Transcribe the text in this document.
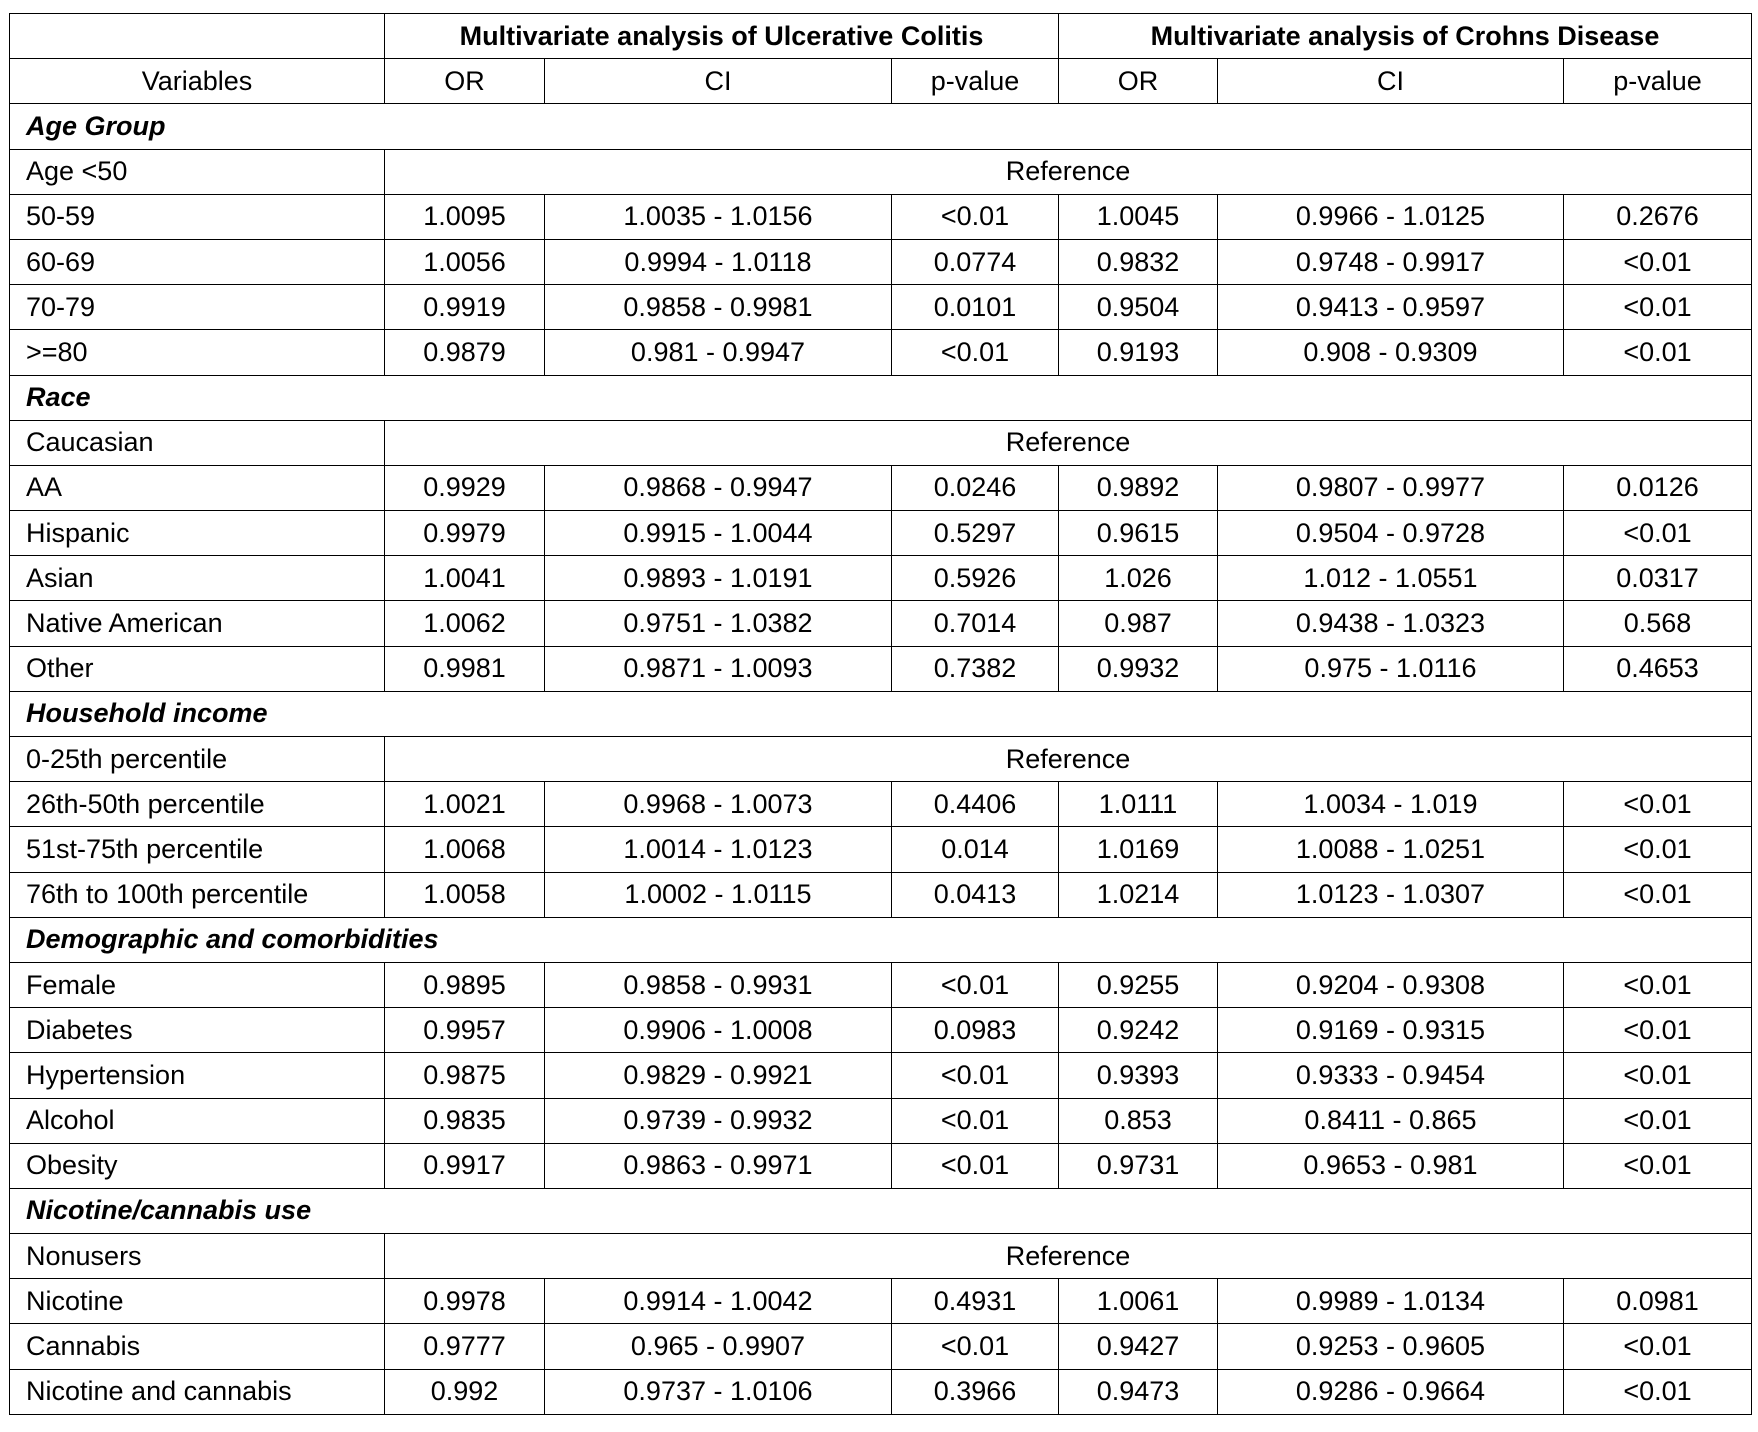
	Multivariate analysis of Ulcerative Colitis			Multivariate analysis of Crohns Disease		
Variables	OR	CI	p-value	OR	CI	p-value
Age Group						
Age <50	Reference					
50-59	1.0095	1.0035 - 1.0156	<0.01	1.0045	0.9966 - 1.0125	0.2676
60-69	1.0056	0.9994 - 1.0118	0.0774	0.9832	0.9748 - 0.9917	<0.01
70-79	0.9919	0.9858 - 0.9981	0.0101	0.9504	0.9413 - 0.9597	<0.01
>=80	0.9879	0.981 - 0.9947	<0.01	0.9193	0.908 - 0.9309	<0.01
Race						
Caucasian	Reference					
AA	0.9929	0.9868 - 0.9947	0.0246	0.9892	0.9807 - 0.9977	0.0126
Hispanic	0.9979	0.9915 - 1.0044	0.5297	0.9615	0.9504 - 0.9728	<0.01
Asian	1.0041	0.9893 - 1.0191	0.5926	1.026	1.012 - 1.0551	0.0317
Native American	1.0062	0.9751 - 1.0382	0.7014	0.987	0.9438 - 1.0323	0.568
Other	0.9981	0.9871 - 1.0093	0.7382	0.9932	0.975 - 1.0116	0.4653
Household income						
0-25th percentile	Reference					
26th-50th percentile	1.0021	0.9968 - 1.0073	0.4406	1.0111	1.0034 - 1.019	<0.01
51st-75th percentile	1.0068	1.0014 - 1.0123	0.014	1.0169	1.0088 - 1.0251	<0.01
76th to 100th percentile	1.0058	1.0002 - 1.0115	0.0413	1.0214	1.0123 - 1.0307	<0.01
Demographic and comorbidities						
Female	0.9895	0.9858 - 0.9931	<0.01	0.9255	0.9204 - 0.9308	<0.01
Diabetes	0.9957	0.9906 - 1.0008	0.0983	0.9242	0.9169 - 0.9315	<0.01
Hypertension	0.9875	0.9829 - 0.9921	<0.01	0.9393	0.9333 - 0.9454	<0.01
Alcohol	0.9835	0.9739 - 0.9932	<0.01	0.853	0.8411 - 0.865	<0.01
Obesity	0.9917	0.9863 - 0.9971	<0.01	0.9731	0.9653 - 0.981	<0.01
Nicotine/cannabis use						
Nonusers	Reference					
Nicotine	0.9978	0.9914 - 1.0042	0.4931	1.0061	0.9989 - 1.0134	0.0981
Cannabis	0.9777	0.965 - 0.9907	<0.01	0.9427	0.9253 - 0.9605	<0.01
Nicotine and cannabis	0.992	0.9737 - 1.0106	0.3966	0.9473	0.9286 - 0.9664	<0.01
